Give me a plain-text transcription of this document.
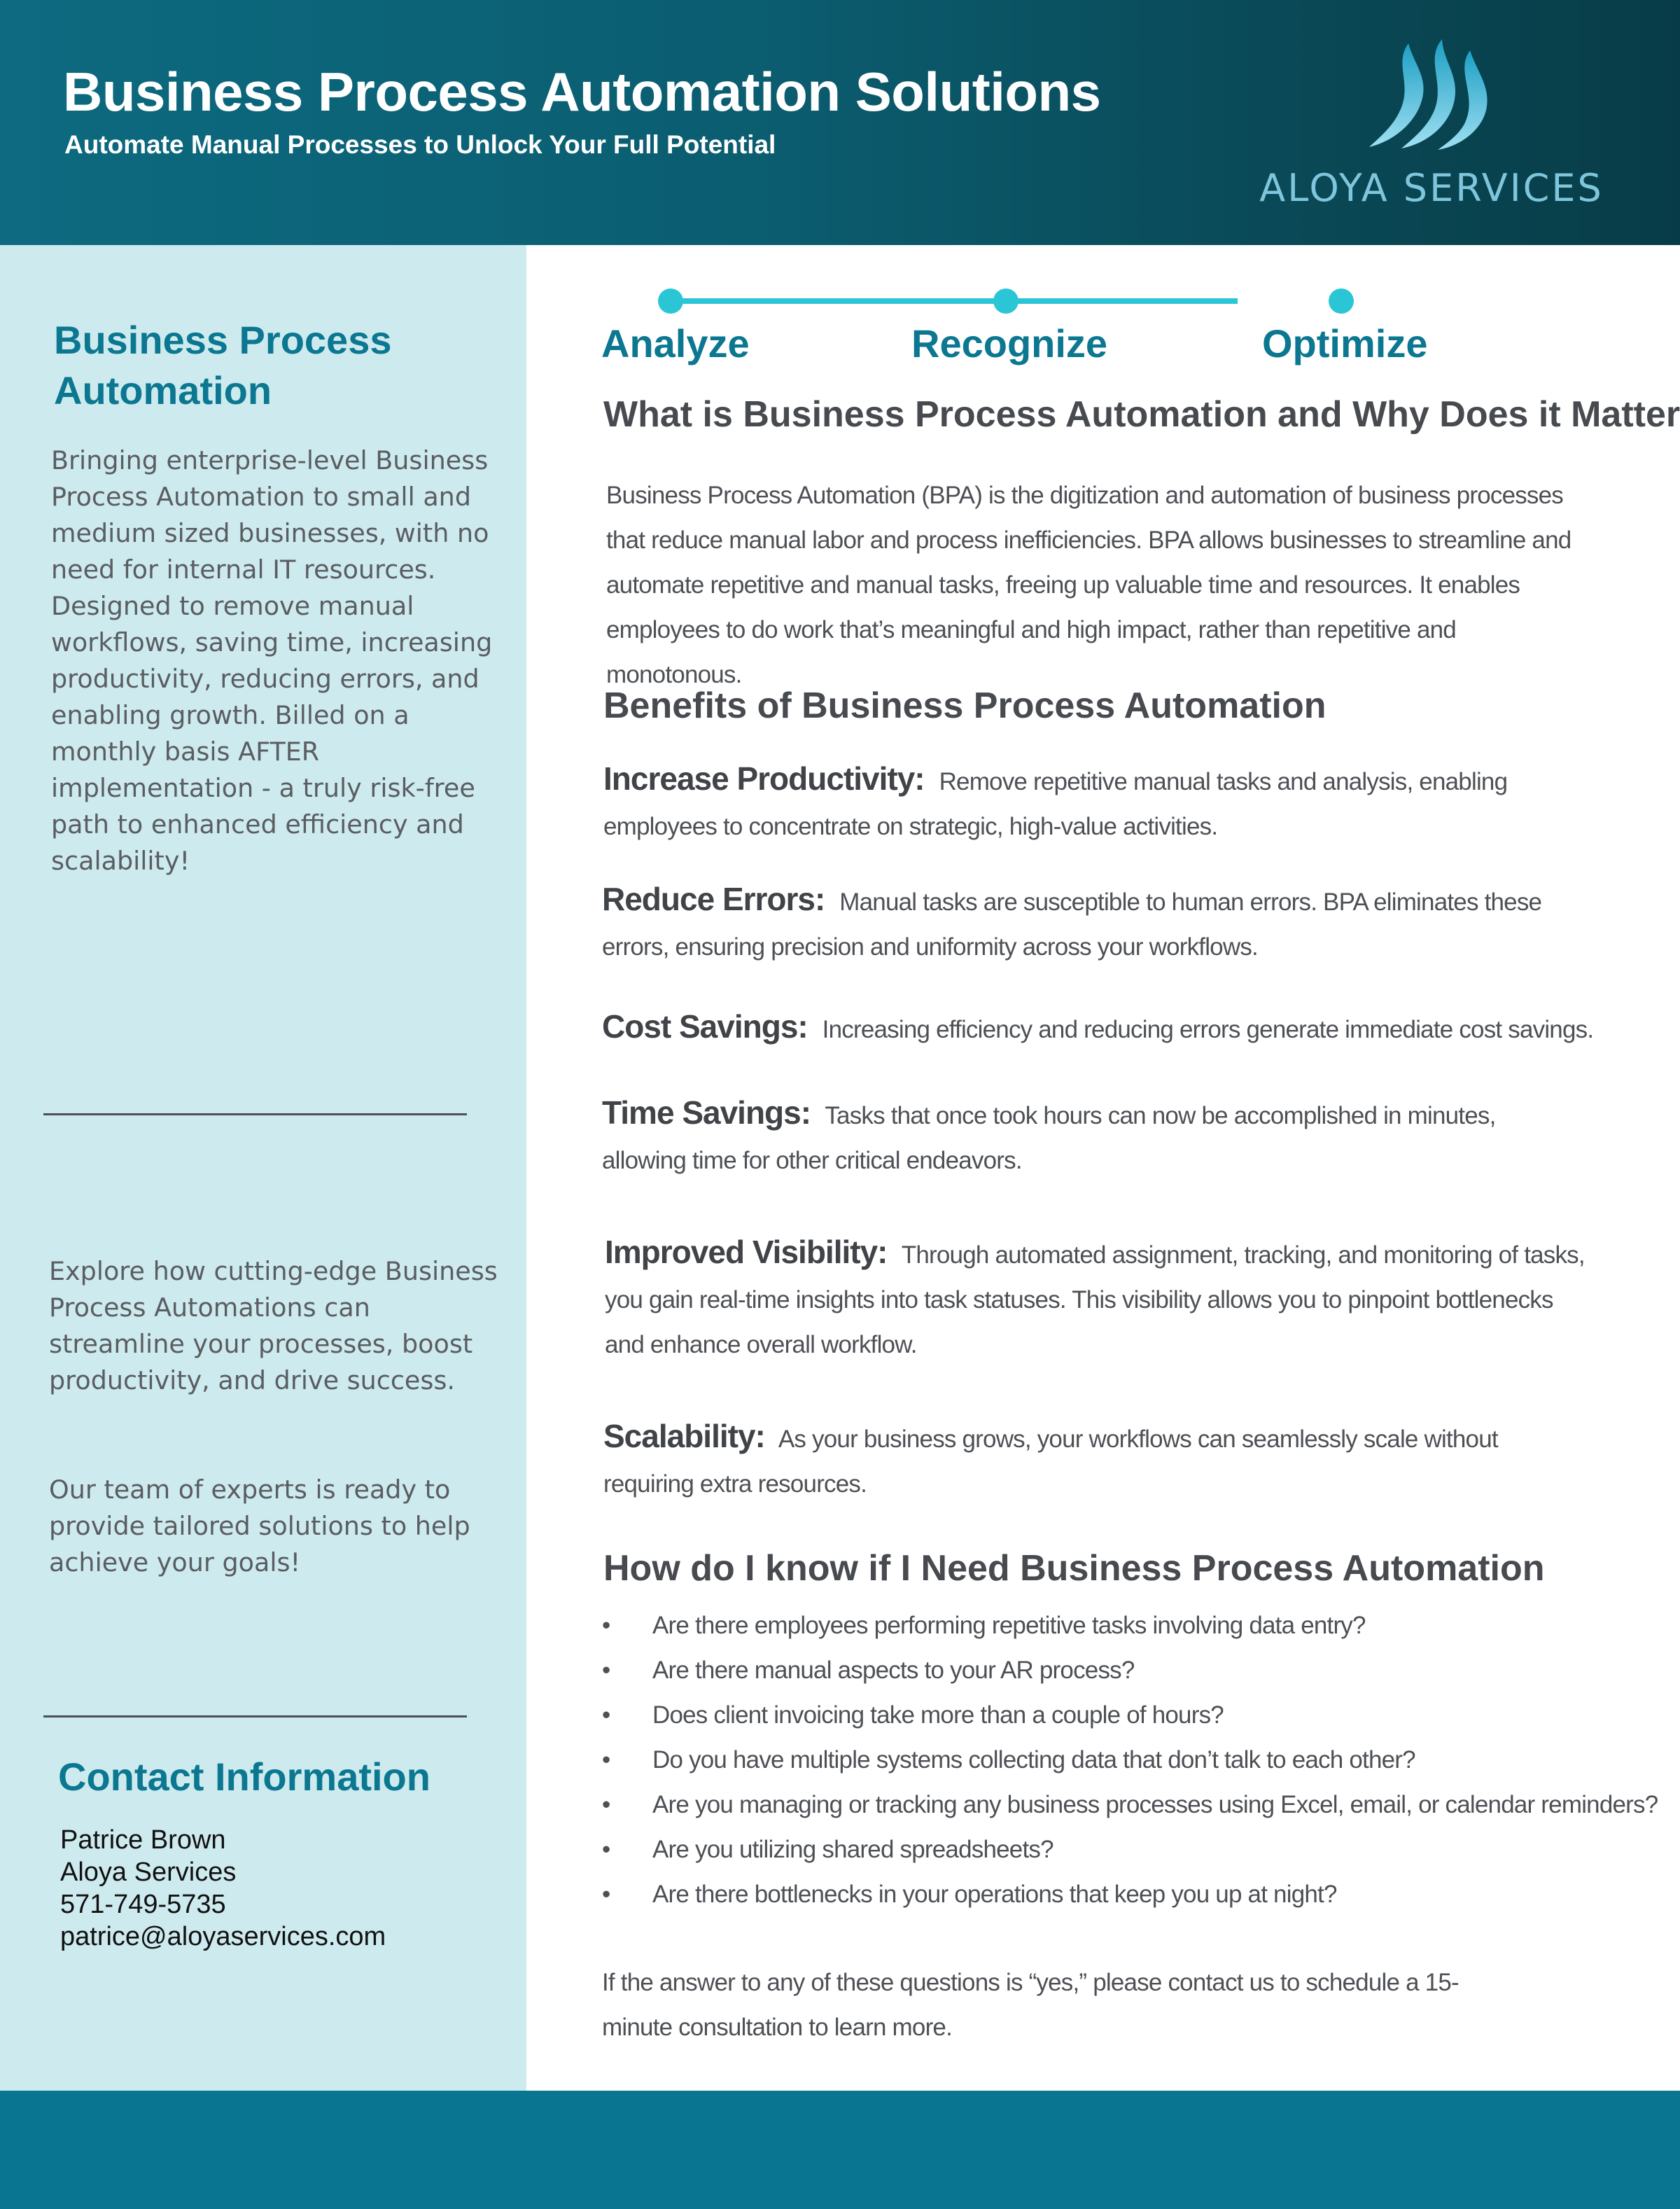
Business Process Automation Solutions
Automate Manual Processes to Unlock Your Full Potential
ALOYA SERVICES
Business Process Automation

Bringing enterprise-level Business Process Automation to small and medium sized businesses, with no need for internal IT resources. Designed to remove manual workflows, saving time, increasing productivity, reducing errors, and enabling growth. Billed on a monthly basis AFTER implementation - a truly risk-free path to enhanced efficiency and scalability!

Explore how cutting-edge Business Process Automations can streamline your processes, boost productivity, and drive success.

Our team of experts is ready to provide tailored solutions to help achieve your goals!

Contact Information
Patrice Brown
Aloya Services
571-749-5735
patrice@aloyaservices.com
Analyze	Recognize	Optimize
What is Business Process Automation and Why Does it Matter

Business Process Automation (BPA) is the digitization and automation of business processes that reduce manual labor and process inefficiencies. BPA allows businesses to streamline and automate repetitive and manual tasks, freeing up valuable time and resources. It enables employees to do work that’s meaningful and high impact, rather than repetitive and monotonous.

Benefits of Business Process Automation

Increase Productivity: Remove repetitive manual tasks and analysis, enabling employees to concentrate on strategic, high-value activities.

Reduce Errors: Manual tasks are susceptible to human errors. BPA eliminates these errors, ensuring precision and uniformity across your workflows.

Cost Savings: Increasing efficiency and reducing errors generate immediate cost savings.

Time Savings: Tasks that once took hours can now be accomplished in minutes, allowing time for other critical endeavors.

Improved Visibility: Through automated assignment, tracking, and monitoring of tasks, you gain real-time insights into task statuses. This visibility allows you to pinpoint bottlenecks and enhance overall workflow.

Scalability: As your business grows, your workflows can seamlessly scale without requiring extra resources.

How do I know if I Need Business Process Automation
• Are there employees performing repetitive tasks involving data entry?
• Are there manual aspects to your AR process?
• Does client invoicing take more than a couple of hours?
• Do you have multiple systems collecting data that don’t talk to each other?
• Are you managing or tracking any business processes using Excel, email, or calendar reminders?
• Are you utilizing shared spreadsheets?
• Are there bottlenecks in your operations that keep you up at night?

If the answer to any of these questions is “yes,” please contact us to schedule a 15-minute consultation to learn more.
